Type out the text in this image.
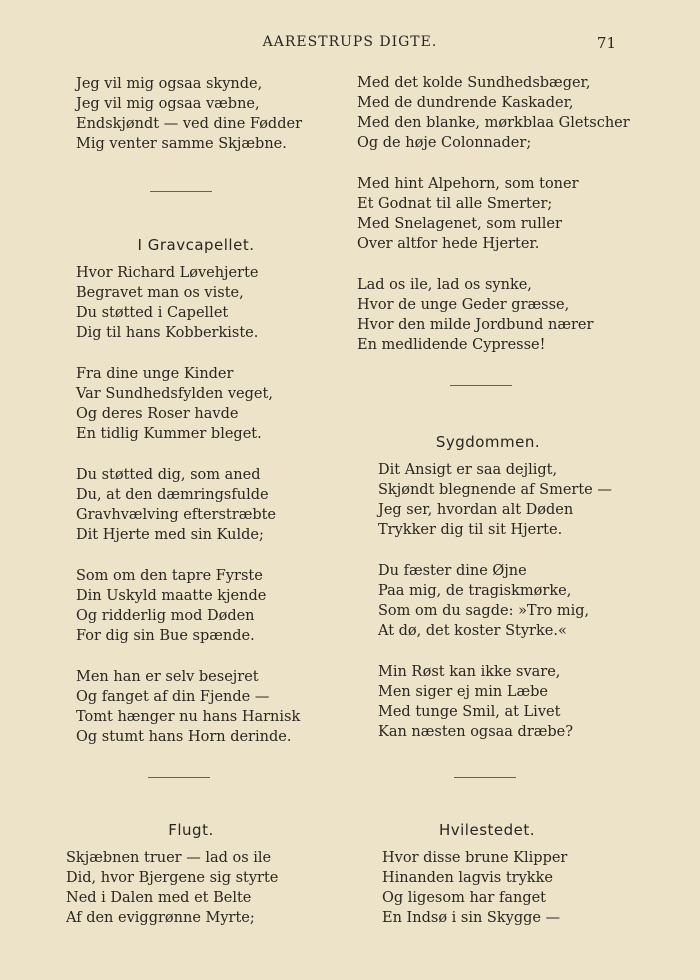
AARESTRUPS DIGTE.	71
Jeg vil mig ogsaa skynde,
Jeg vil mig ogsaa væbne,
Endskjøndt — ved dine Fødder
Mig venter samme Skjæbne.
I Gravcapellet.
Hvor Richard Løvehjerte
Begravet man os viste,
Du støtted i Capellet
Dig til hans Kobberkiste.
Fra dine unge Kinder
Var Sundhedsfylden veget,
Og deres Roser havde
En tidlig Kummer bleget.
Du støtted dig, som aned
Du, at den dæmringsfulde
Gravhvælving efterstræbte
Dit Hjerte med sin Kulde;
Som om den tapre Fyrste
Din Uskyld maatte kjende
Og ridderlig mod Døden
For dig sin Bue spænde.
Men han er selv besejret
Og fanget af din Fjende —
Tomt hænger nu hans Harnisk
Og stumt hans Horn derinde.
Flugt.
Skjæbnen truer — lad os ile
Did, hvor Bjergene sig styrte
Ned i Dalen med et Belte
Af den eviggrønne Myrte;
Med det kolde Sundhedsbæger,
Med de dundrende Kaskader,
Med den blanke, mørkblaa Gletscher
Og de høje Colonnader;
Med hint Alpehorn, som toner
Et Godnat til alle Smerter;
Med Snelagenet, som ruller
Over altfor hede Hjerter.
Lad os ile, lad os synke,
Hvor de unge Geder græsse,
Hvor den milde Jordbund nærer
En medlidende Cypresse!
Sygdommen.
Dit Ansigt er saa dejligt,
Skjøndt blegnende af Smerte —
Jeg ser, hvordan alt Døden
Trykker dig til sit Hjerte.
Du fæster dine Øjne
Paa mig, de tragiskmørke,
Som om du sagde: »Tro mig,
At dø, det koster Styrke.«
Min Røst kan ikke svare,
Men siger ej min Læbe
Med tunge Smil, at Livet
Kan næsten ogsaa dræbe?
Hvilestedet.
Hvor disse brune Klipper
Hinanden lagvis trykke
Og ligesom har fanget
En Indsø i sin Skygge —
